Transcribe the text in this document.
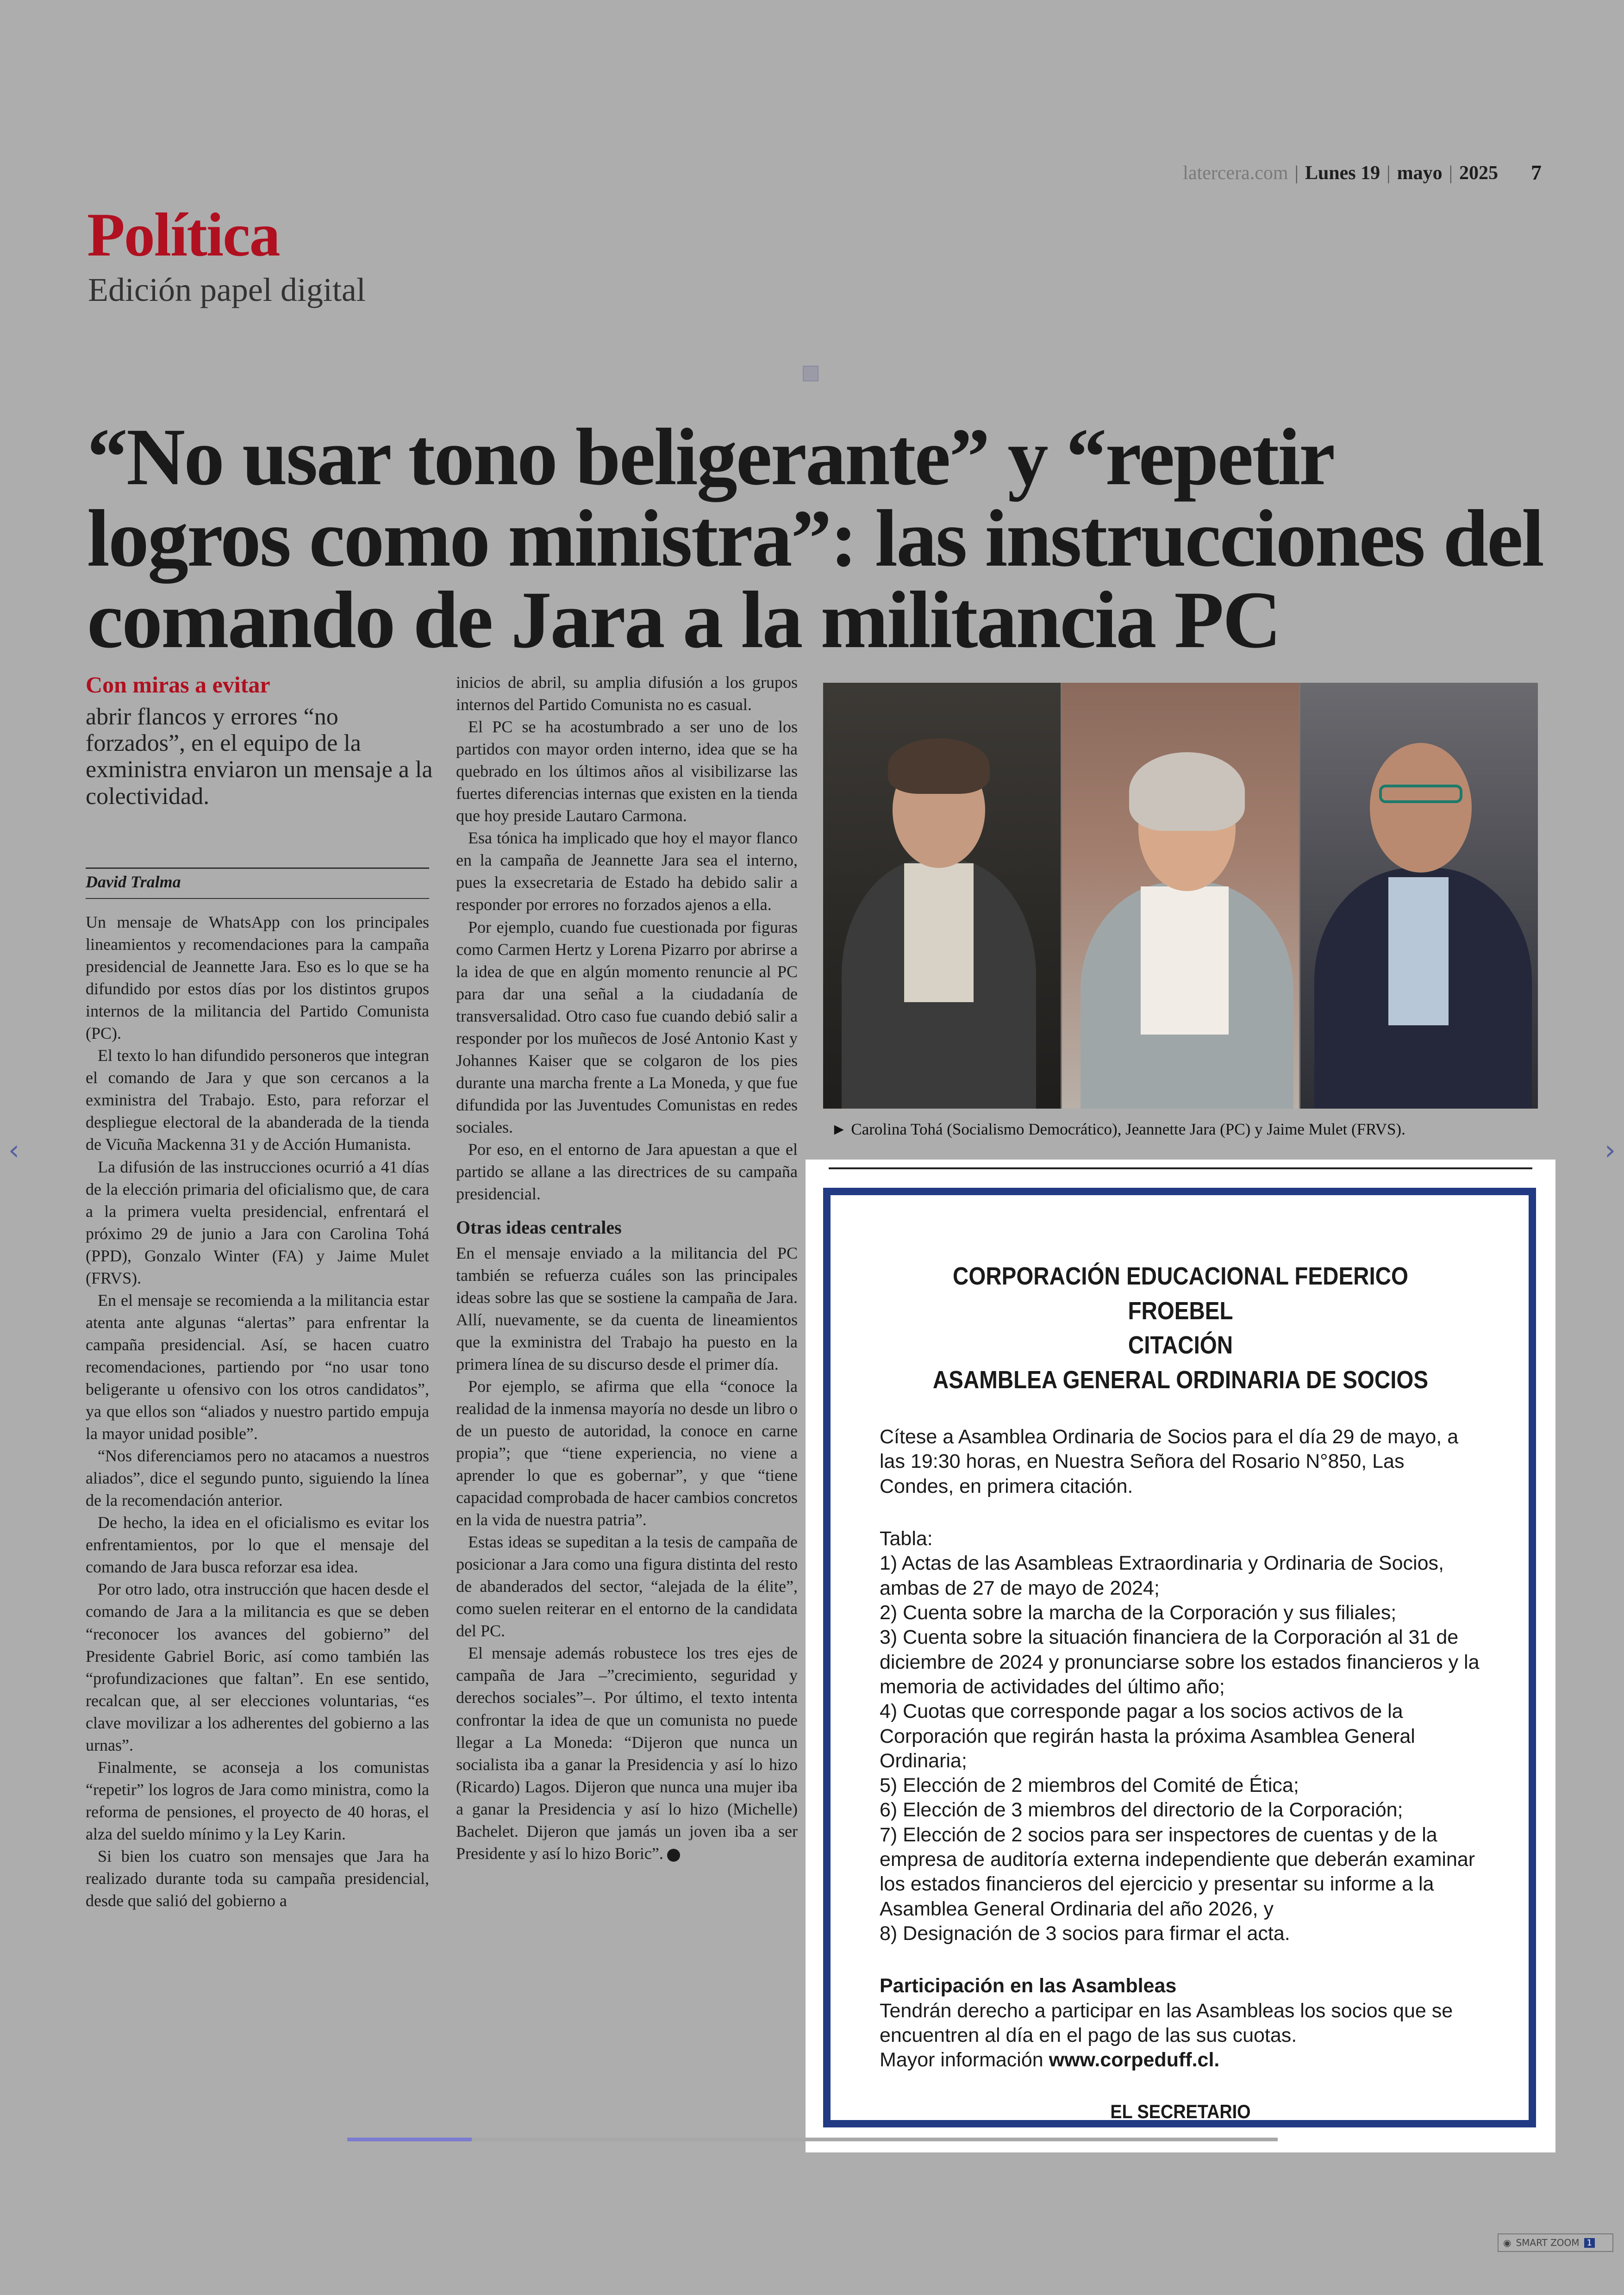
latercera.com | Lunes 19 | mayo | 2025 7
Política
Edición papel digital
“No usar tono beligerante” y “repetir logros como ministra”: las instrucciones del comando de Jara a la militancia PC
Con miras a evitar
abrir flancos y errores “no forzados”, en el equipo de la exministra enviaron un mensaje a la colectividad.
David Tralma

Un mensaje de WhatsApp con los principales lineamientos y recomendaciones para la campaña presidencial de Jeannette Jara. Eso es lo que se ha difundido por estos días por los distintos grupos internos de la militancia del Partido Comunista (PC).

El texto lo han difundido personeros que integran el comando de Jara y que son cercanos a la exministra del Trabajo. Esto, para reforzar el despliegue electoral de la abanderada de la tienda de Vicuña Mackenna 31 y de Acción Humanista.

La difusión de las instrucciones ocurrió a 41 días de la elección primaria del oficialismo que, de cara a la primera vuelta presidencial, enfrentará el próximo 29 de junio a Jara con Carolina Tohá (PPD), Gonzalo Winter (FA) y Jaime Mulet (FRVS).

En el mensaje se recomienda a la militancia estar atenta ante algunas “alertas” para enfrentar la campaña presidencial. Así, se hacen cuatro recomendaciones, partiendo por “no usar tono beligerante u ofensivo con los otros candidatos”, ya que ellos son “aliados y nuestro partido empuja la mayor unidad posible”.

“Nos diferenciamos pero no atacamos a nuestros aliados”, dice el segundo punto, siguiendo la línea de la recomendación anterior.

De hecho, la idea en el oficialismo es evitar los enfrentamientos, por lo que el mensaje del comando de Jara busca reforzar esa idea.

Por otro lado, otra instrucción que hacen desde el comando de Jara a la militancia es que se deben “reconocer los avances del gobierno” del Presidente Gabriel Boric, así como también las “profundizaciones que faltan”. En ese sentido, recalcan que, al ser elecciones voluntarias, “es clave movilizar a los adherentes del gobierno a las urnas”.

Finalmente, se aconseja a los comunistas “repetir” los logros de Jara como ministra, como la reforma de pensiones, el proyecto de 40 horas, el alza del sueldo mínimo y la Ley Karin.

Si bien los cuatro son mensajes que Jara ha realizado durante toda su campaña presidencial, desde que salió del gobierno a

inicios de abril, su amplia difusión a los grupos internos del Partido Comunista no es casual.

El PC se ha acostumbrado a ser uno de los partidos con mayor orden interno, idea que se ha quebrado en los últimos años al visibilizarse las fuertes diferencias internas que existen en la tienda que hoy preside Lautaro Carmona.

Esa tónica ha implicado que hoy el mayor flanco en la campaña de Jeannette Jara sea el interno, pues la exsecretaria de Estado ha debido salir a responder por errores no forzados ajenos a ella.

Por ejemplo, cuando fue cuestionada por figuras como Carmen Hertz y Lorena Pizarro por abrirse a la idea de que en algún momento renuncie al PC para dar una señal a la ciudadanía de transversalidad. Otro caso fue cuando debió salir a responder por los muñecos de José Antonio Kast y Johannes Kaiser que se colgaron de los pies durante una marcha frente a La Moneda, y que fue difundida por las Juventudes Comunistas en redes sociales.

Por eso, en el entorno de Jara apuestan a que el partido se allane a las directrices de su campaña presidencial.

Otras ideas centrales

En el mensaje enviado a la militancia del PC también se refuerza cuáles son las principales ideas sobre las que se sostiene la campaña de Jara. Allí, nuevamente, se da cuenta de lineamientos que la exministra del Trabajo ha puesto en la primera línea de su discurso desde el primer día.

Por ejemplo, se afirma que ella “conoce la realidad de la inmensa mayoría no desde un libro o de un puesto de autoridad, la conoce en carne propia”; que “tiene experiencia, no viene a aprender lo que es gobernar”, y que “tiene capacidad comprobada de hacer cambios concretos en la vida de nuestra patria”.

Estas ideas se supeditan a la tesis de campaña de posicionar a Jara como una figura distinta del resto de abanderados del sector, “alejada de la élite”, como suelen reiterar en el entorno de la candidata del PC.

El mensaje además robustece los tres ejes de campaña de Jara –”crecimiento, seguridad y derechos sociales”–. Por último, el texto intenta confrontar la idea de que un comunista no puede llegar a La Moneda: “Dijeron que nunca un socialista iba a ganar la Presidencia y así lo hizo (Ricardo) Lagos. Dijeron que nunca una mujer iba a ganar la Presidencia y así lo hizo (Michelle) Bachelet. Dijeron que jamás un joven iba a ser Presidente y así lo hizo Boric”.

► Carolina Tohá (Socialismo Democrático), Jeannette Jara (PC) y Jaime Mulet (FRVS).
CORPORACIÓN EDUCACIONAL FEDERICO FROEBEL
CITACIÓN
ASAMBLEA GENERAL ORDINARIA DE SOCIOS
Cítese a Asamblea Ordinaria de Socios para el día 29 de mayo, a las 19:30 horas, en Nuestra Señora del Rosario N°850, Las Condes, en primera citación.
Tabla:
1) Actas de las Asambleas Extraordinaria y Ordinaria de Socios, ambas de 27 de mayo de 2024;
2) Cuenta sobre la marcha de la Corporación y sus filiales;
3) Cuenta sobre la situación financiera de la Corporación al 31 de diciembre de 2024 y pronunciarse sobre los estados financieros y la memoria de actividades del último año;
4) Cuotas que corresponde pagar a los socios activos de la Corporación que regirán hasta la próxima Asamblea General Ordinaria;
5) Elección de 2 miembros del Comité de Ética;
6) Elección de 3 miembros del directorio de la Corporación;
7) Elección de 2 socios para ser inspectores de cuentas y de la empresa de auditoría externa independiente que deberán examinar los estados financieros del ejercicio y presentar su informe a la Asamblea General Ordinaria del año 2026, y
8) Designación de 3 socios para firmar el acta.
Participación en las Asambleas
Tendrán derecho a participar en las Asambleas los socios que se encuentren al día en el pago de las sus cuotas.
Mayor información www.corpeduff.cl.
EL SECRETARIO
‹	›
◉ SMART ZOOM 1
